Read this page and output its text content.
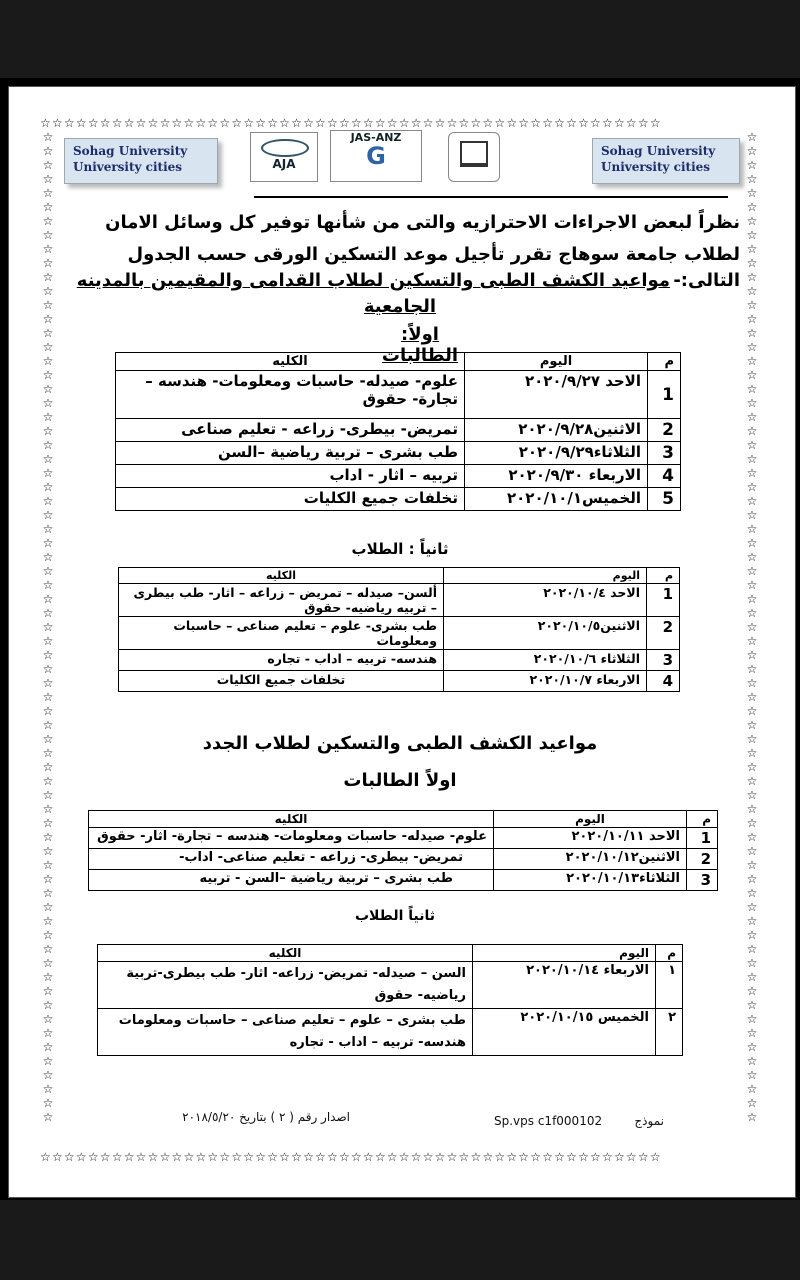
☆☆☆☆☆☆☆☆☆☆☆☆☆☆☆☆☆☆☆☆☆☆☆☆☆☆☆☆☆☆☆☆☆☆☆☆☆☆☆☆☆☆☆☆☆☆☆☆☆☆☆☆
☆☆☆☆☆☆☆☆☆☆☆☆☆☆☆☆☆☆☆☆☆☆☆☆☆☆☆☆☆☆☆☆☆☆☆☆☆☆☆☆☆☆☆☆☆☆☆☆☆☆☆☆
☆☆☆☆☆☆☆☆☆☆☆☆☆☆☆☆☆☆☆☆☆☆☆☆☆☆☆☆☆☆☆☆☆☆☆☆☆☆☆☆☆☆☆☆☆☆☆☆☆☆☆☆☆☆☆☆☆☆☆☆☆☆☆☆☆☆☆☆☆☆☆
☆☆☆☆☆☆☆☆☆☆☆☆☆☆☆☆☆☆☆☆☆☆☆☆☆☆☆☆☆☆☆☆☆☆☆☆☆☆☆☆☆☆☆☆☆☆☆☆☆☆☆☆☆☆☆☆☆☆☆☆☆☆☆☆☆☆☆☆☆☆☆
Sohag University
University cities
Sohag University
University cities
AJA
JAS-ANZ
G
نظراً لبعض الاجراءات الاحترازيه والتى من شأنها توفير كل وسائل الامان
لطلاب جامعة سوهاج تقرر تأجيل موعد التسكين الورقى حسب الجدول التالى:-
مواعيد الكشف الطبى والتسكين لطلاب القدامى والمقيمين بالمدينه
الجامعية
اولاً: الطالبات	م	اليوم	الكليه
1	الاحد ٢٠٢٠/٩/٢٧	علوم- صيدله- حاسبات ومعلومات- هندسه – تجارة- حقوق
2	الاثنين٢٠٢٠/٩/٢٨	تمريض- بيطرى- زراعه - تعليم صناعى
3	الثلاثاء٢٠٢٠/٩/٢٩	طب بشرى – تربية رياضية –السن
4	الاربعاء ٢٠٢٠/٩/٣٠	تربيه – اثار - اداب
5	الخميس٢٠٢٠/١٠/١	تخلفات جميع الكليات
ثانياً : الطلاب
م	اليوم	الكليه
1	الاحد ٢٠٢٠/١٠/٤	ألسن– صيدله – تمريض – زراعه – اثار- طب بيطرى – تربيه رياضيه- حقوق
2	الاثنين٢٠٢٠/١٠/٥	طب بشرى- علوم – تعليم صناعى – حاسبات ومعلومات
3	الثلاثاء ٢٠٢٠/١٠/٦	هندسه- تربيه – اداب - تجاره
4	الاربعاء ٢٠٢٠/١٠/٧	تخلفات جميع الكليات
مواعيد الكشف الطبى والتسكين لطلاب الجدد
اولاً الطالبات
م	اليوم	الكليه
1	الاحد ٢٠٢٠/١٠/١١	علوم- صيدله- حاسبات ومعلومات- هندسه – تجارة- اثار- حقوق
2	الاثنين٢٠٢٠/١٠/١٢	تمريض- بيطرى- زراعه - تعليم صناعى- اداب-
3	الثلاثاء٢٠٢٠/١٠/١٣	طب بشرى – تربية رياضية –السن - تربيه
ثانياً الطلاب
م	اليوم	الكليه
١	الاربعاء ٢٠٢٠/١٠/١٤	السن – صيدله- تمريض- زراعه- اثار- طب بيطرى-تربية رياضيه- حقوق
٢	الخميس ٢٠٢٠/١٠/١٥	طب بشرى – علوم – تعليم صناعى – حاسبات ومعلومات هندسه- تربيه – اداب - تجاره
نموذج
Sp.vps c1f000102
اصدار رقم ( ٢ ) بتاريخ ٢٠١٨/٥/٢٠
